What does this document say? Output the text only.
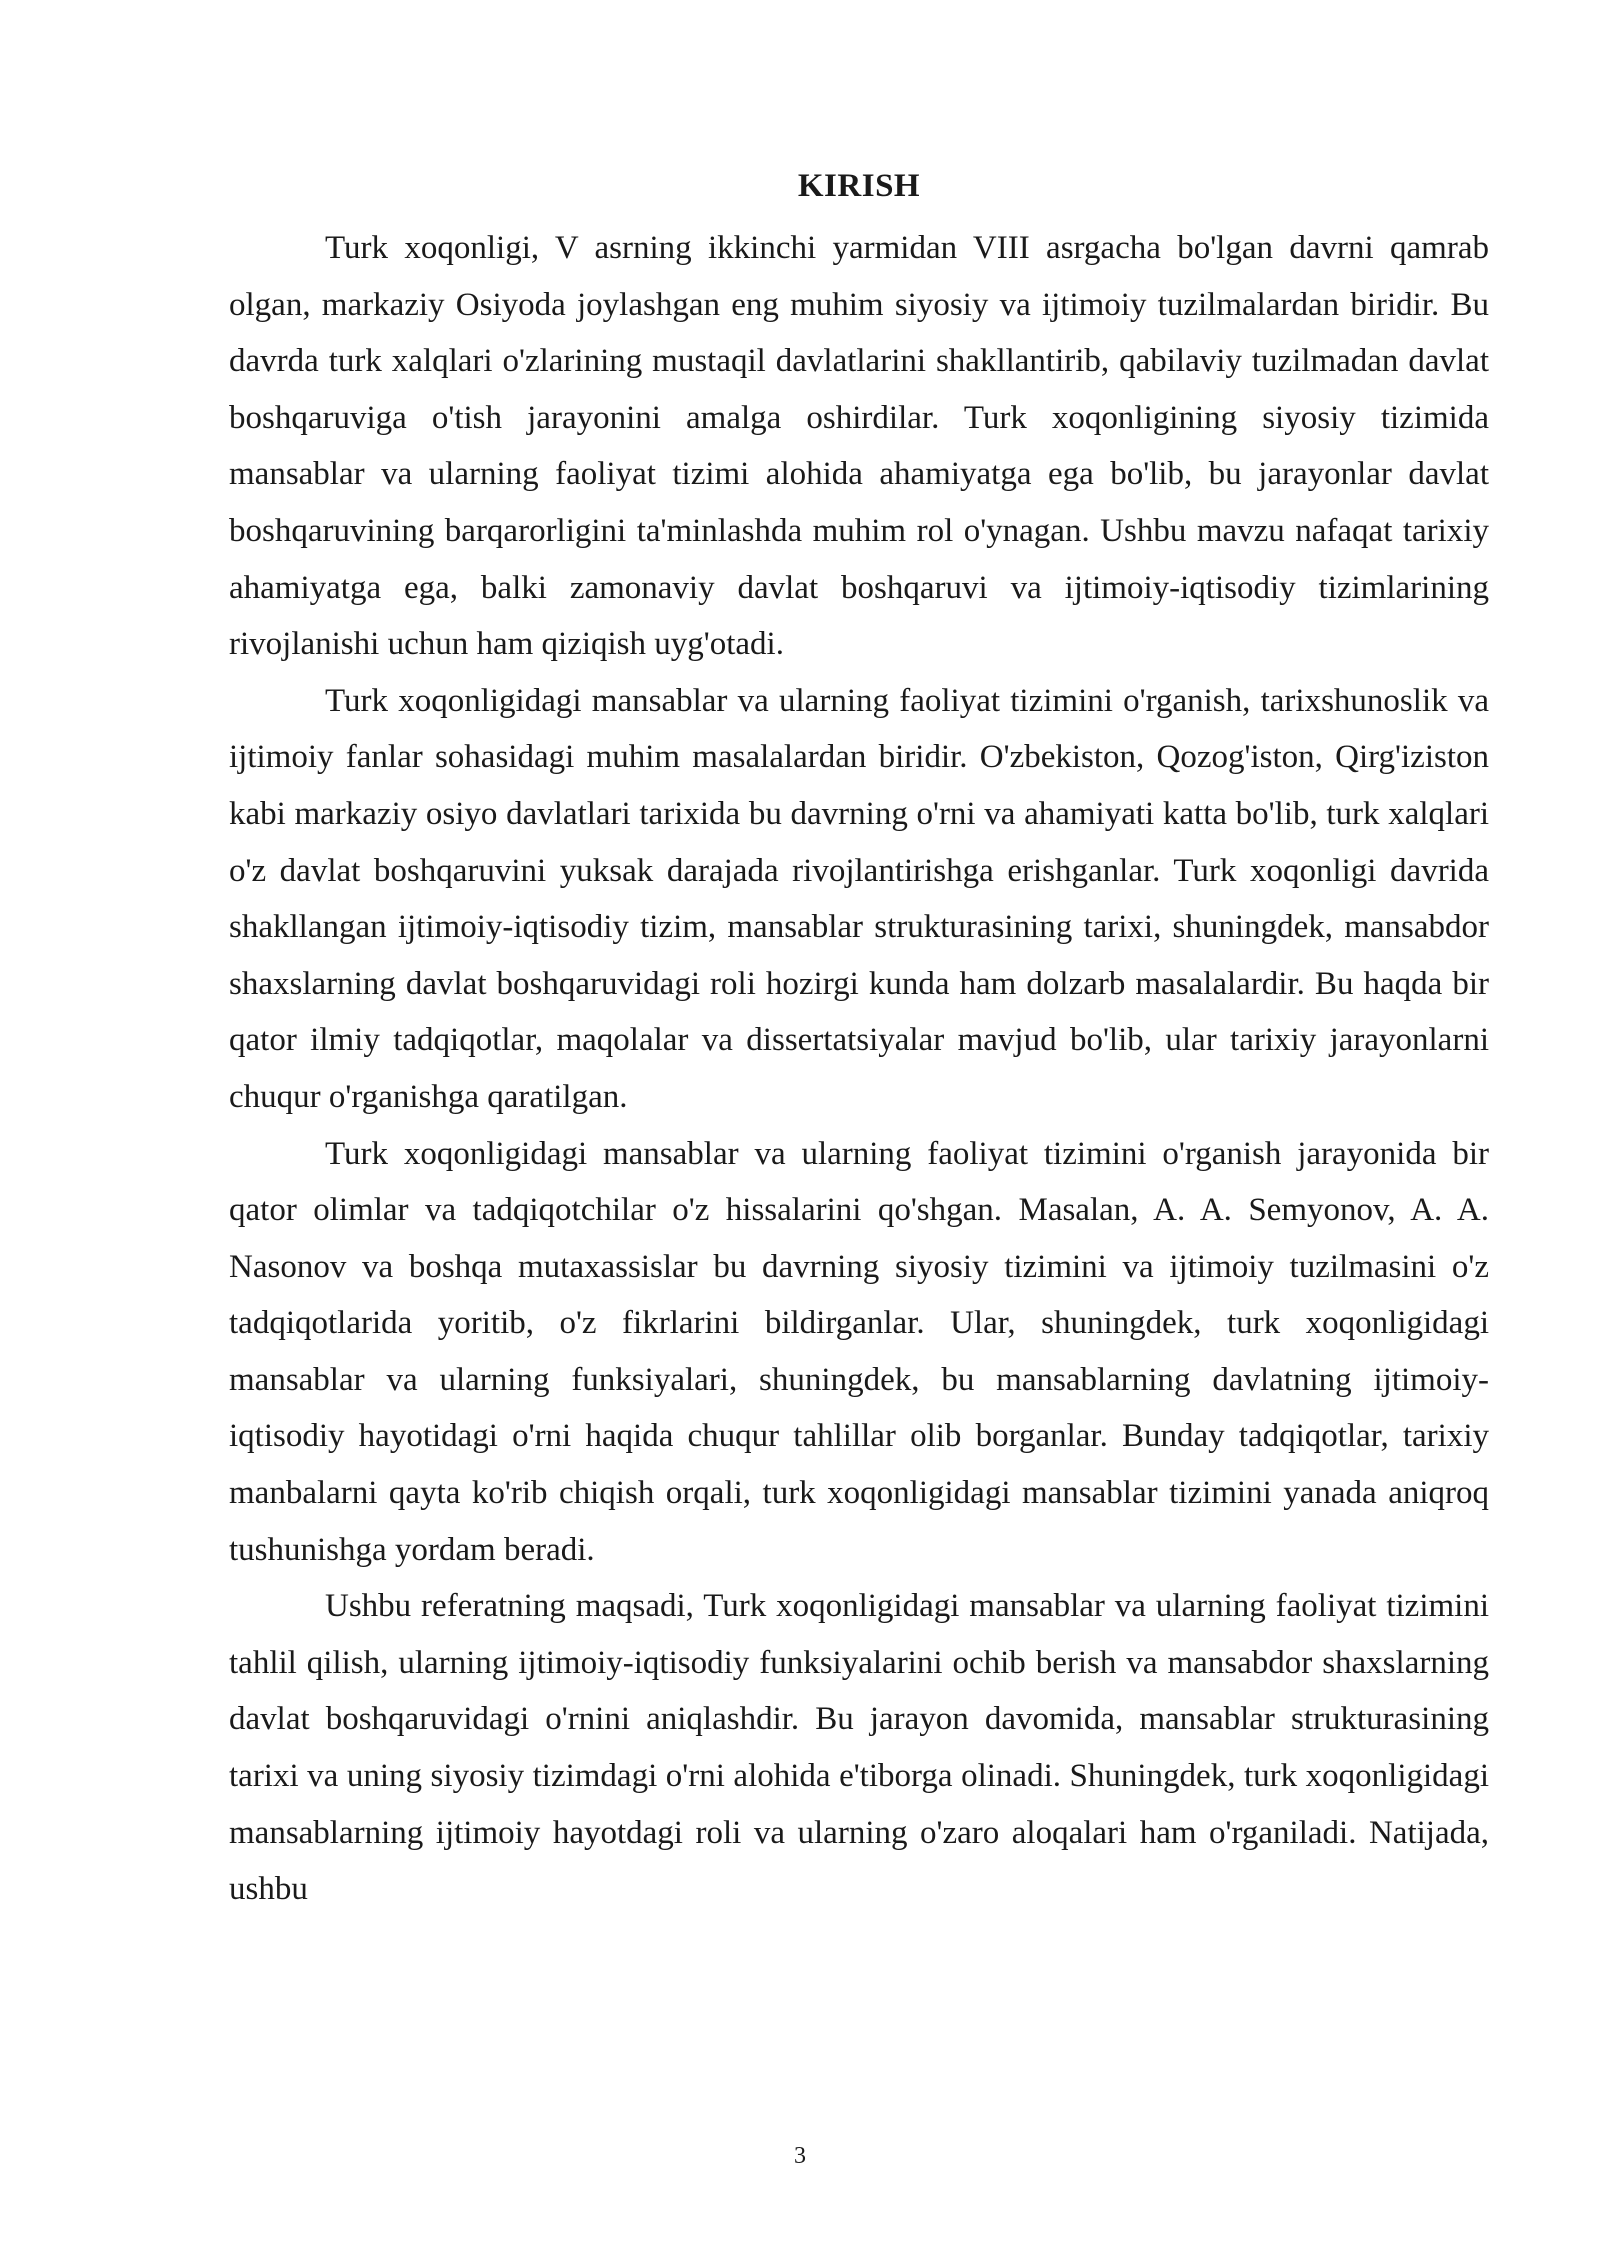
KIRISH

Turk xoqonligi, V asrning ikkinchi yarmidan VIII asrgacha bo'lgan davrni qamrab olgan, markaziy Osiyoda joylashgan eng muhim siyosiy va ijtimoiy tuzilmalardan biridir. Bu davrda turk xalqlari o'zlarining mustaqil davlatlarini shakllantirib, qabilaviy tuzilmadan davlat boshqaruviga o'tish jarayonini amalga oshirdilar. Turk xoqonligining siyosiy tizimida mansablar va ularning faoliyat tizimi alohida ahamiyatga ega bo'lib, bu jarayonlar davlat boshqaruvining barqarorligini ta'minlashda muhim rol o'ynagan. Ushbu mavzu nafaqat tarixiy ahamiyatga ega, balki zamonaviy davlat boshqaruvi va ijtimoiy-iqtisodiy tizimlarining rivojlanishi uchun ham qiziqish uyg'otadi.

Turk xoqonligidagi mansablar va ularning faoliyat tizimini o'rganish, tarixshunoslik va ijtimoiy fanlar sohasidagi muhim masalalardan biridir. O'zbekiston, Qozog'iston, Qirg'iziston kabi markaziy osiyo davlatlari tarixida bu davrning o'rni va ahamiyati katta bo'lib, turk xalqlari o'z davlat boshqaruvini yuksak darajada rivojlantirishga erishganlar. Turk xoqonligi davrida shakllangan ijtimoiy-iqtisodiy tizim, mansablar strukturasining tarixi, shuningdek, mansabdor shaxslarning davlat boshqaruvidagi roli hozirgi kunda ham dolzarb masalalardir. Bu haqda bir qator ilmiy tadqiqotlar, maqolalar va dissertatsiyalar mavjud bo'lib, ular tarixiy jarayonlarni chuqur o'rganishga qaratilgan.

Turk xoqonligidagi mansablar va ularning faoliyat tizimini o'rganish jarayonida bir qator olimlar va tadqiqotchilar o'z hissalarini qo'shgan. Masalan, A. A. Semyonov, A. A. Nasonov va boshqa mutaxassislar bu davrning siyosiy tizimini va ijtimoiy tuzilmasini o'z tadqiqotlarida yoritib, o'z fikrlarini bildirganlar. Ular, shuningdek, turk xoqonligidagi mansablar va ularning funksiyalari, shuningdek, bu mansablarning davlatning ijtimoiy-iqtisodiy hayotidagi o'rni haqida chuqur tahlillar olib borganlar. Bunday tadqiqotlar, tarixiy manbalarni qayta ko'rib chiqish orqali, turk xoqonligidagi mansablar tizimini yanada aniqroq tushunishga yordam beradi.

Ushbu referatning maqsadi, Turk xoqonligidagi mansablar va ularning faoliyat tizimini tahlil qilish, ularning ijtimoiy-iqtisodiy funksiyalarini ochib berish va mansabdor shaxslarning davlat boshqaruvidagi o'rnini aniqlashdir. Bu jarayon davomida, mansablar strukturasining tarixi va uning siyosiy tizimdagi o'rni alohida e'tiborga olinadi. Shuningdek, turk xoqonligidagi mansablarning ijtimoiy hayotdagi roli va ularning o'zaro aloqalari ham o'rganiladi. Natijada, ushbu

3
